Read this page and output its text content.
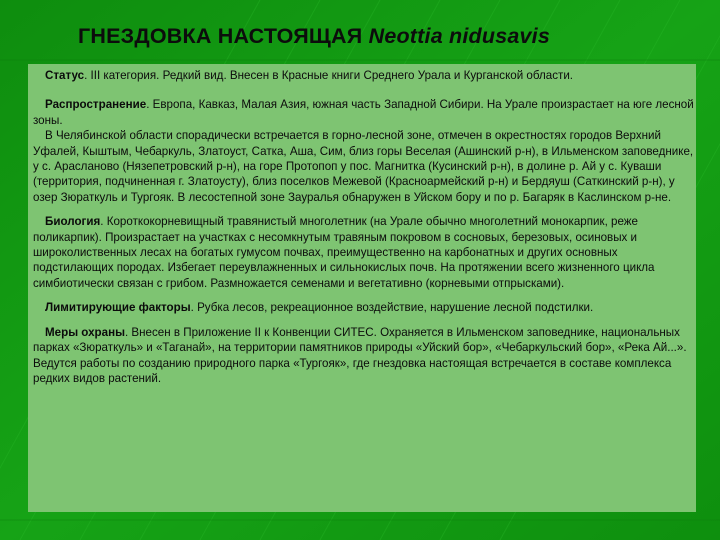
ГНЕЗДОВКА НАСТОЯЩАЯ Neottia nidusavis

Статус. III категория. Редкий вид. Внесен в Красные книги Среднего Урала и Курганской области.

Распространение. Европа, Кавказ, Малая Азия, южная часть Западной Сибири. На Урале произрастает на юге лесной зоны.
В Челябинской области спорадически встречается в горно-лесной зоне, отмечен в окрестностях городов Верхний Уфалей, Кыштым, Чебаркуль, Златоуст, Сатка, Аша, Сим, близ горы Веселая (Ашинский р-н), в Ильменском заповеднике, у с. Арасланово (Нязепетровский р-н), на горе Протопоп у пос. Магнитка (Кусинский р-н), в долине р. Ай у с. Куваши (территория, подчиненная г. Златоусту), близ поселков Межевой (Красноармейский р-н) и Бердяуш (Саткинский р-н), у озер Зюраткуль и Тургояк. В лесостепной зоне Зауралья обнаружен в Уйском бору и по р. Багаряк в Каслинском р-не.

Биология. Короткокорневищный травянистый многолетник (на Урале обычно многолетний монокарпик, реже поликарпик). Произрастает на участках с несомкнутым травяным покровом в сосновых, березовых, осиновых и широколиственных лесах на богатых гумусом почвах, преимущественно на карбонатных и других основных подстилающих породах. Избегает переувлажненных и сильнокислых почв. На протяжении всего жизненного цикла симбиотически связан с грибом. Размножается семенами и вегетативно (корневыми отпрысками).

Лимитирующие факторы. Рубка лесов, рекреационное воздействие, нарушение лесной подстилки.

Меры охраны. Внесен в Приложение II к Конвенции СИТЕС. Охраняется в Ильменском заповеднике, национальных парках «Зюраткуль» и «Таганай», на территории памятников природы «Уйский бор», «Чебаркульский бор», «Река Ай...». Ведутся работы по созданию природного парка «Тургояк», где гнездовка настоящая встречается в составе комплекса редких видов растений.
